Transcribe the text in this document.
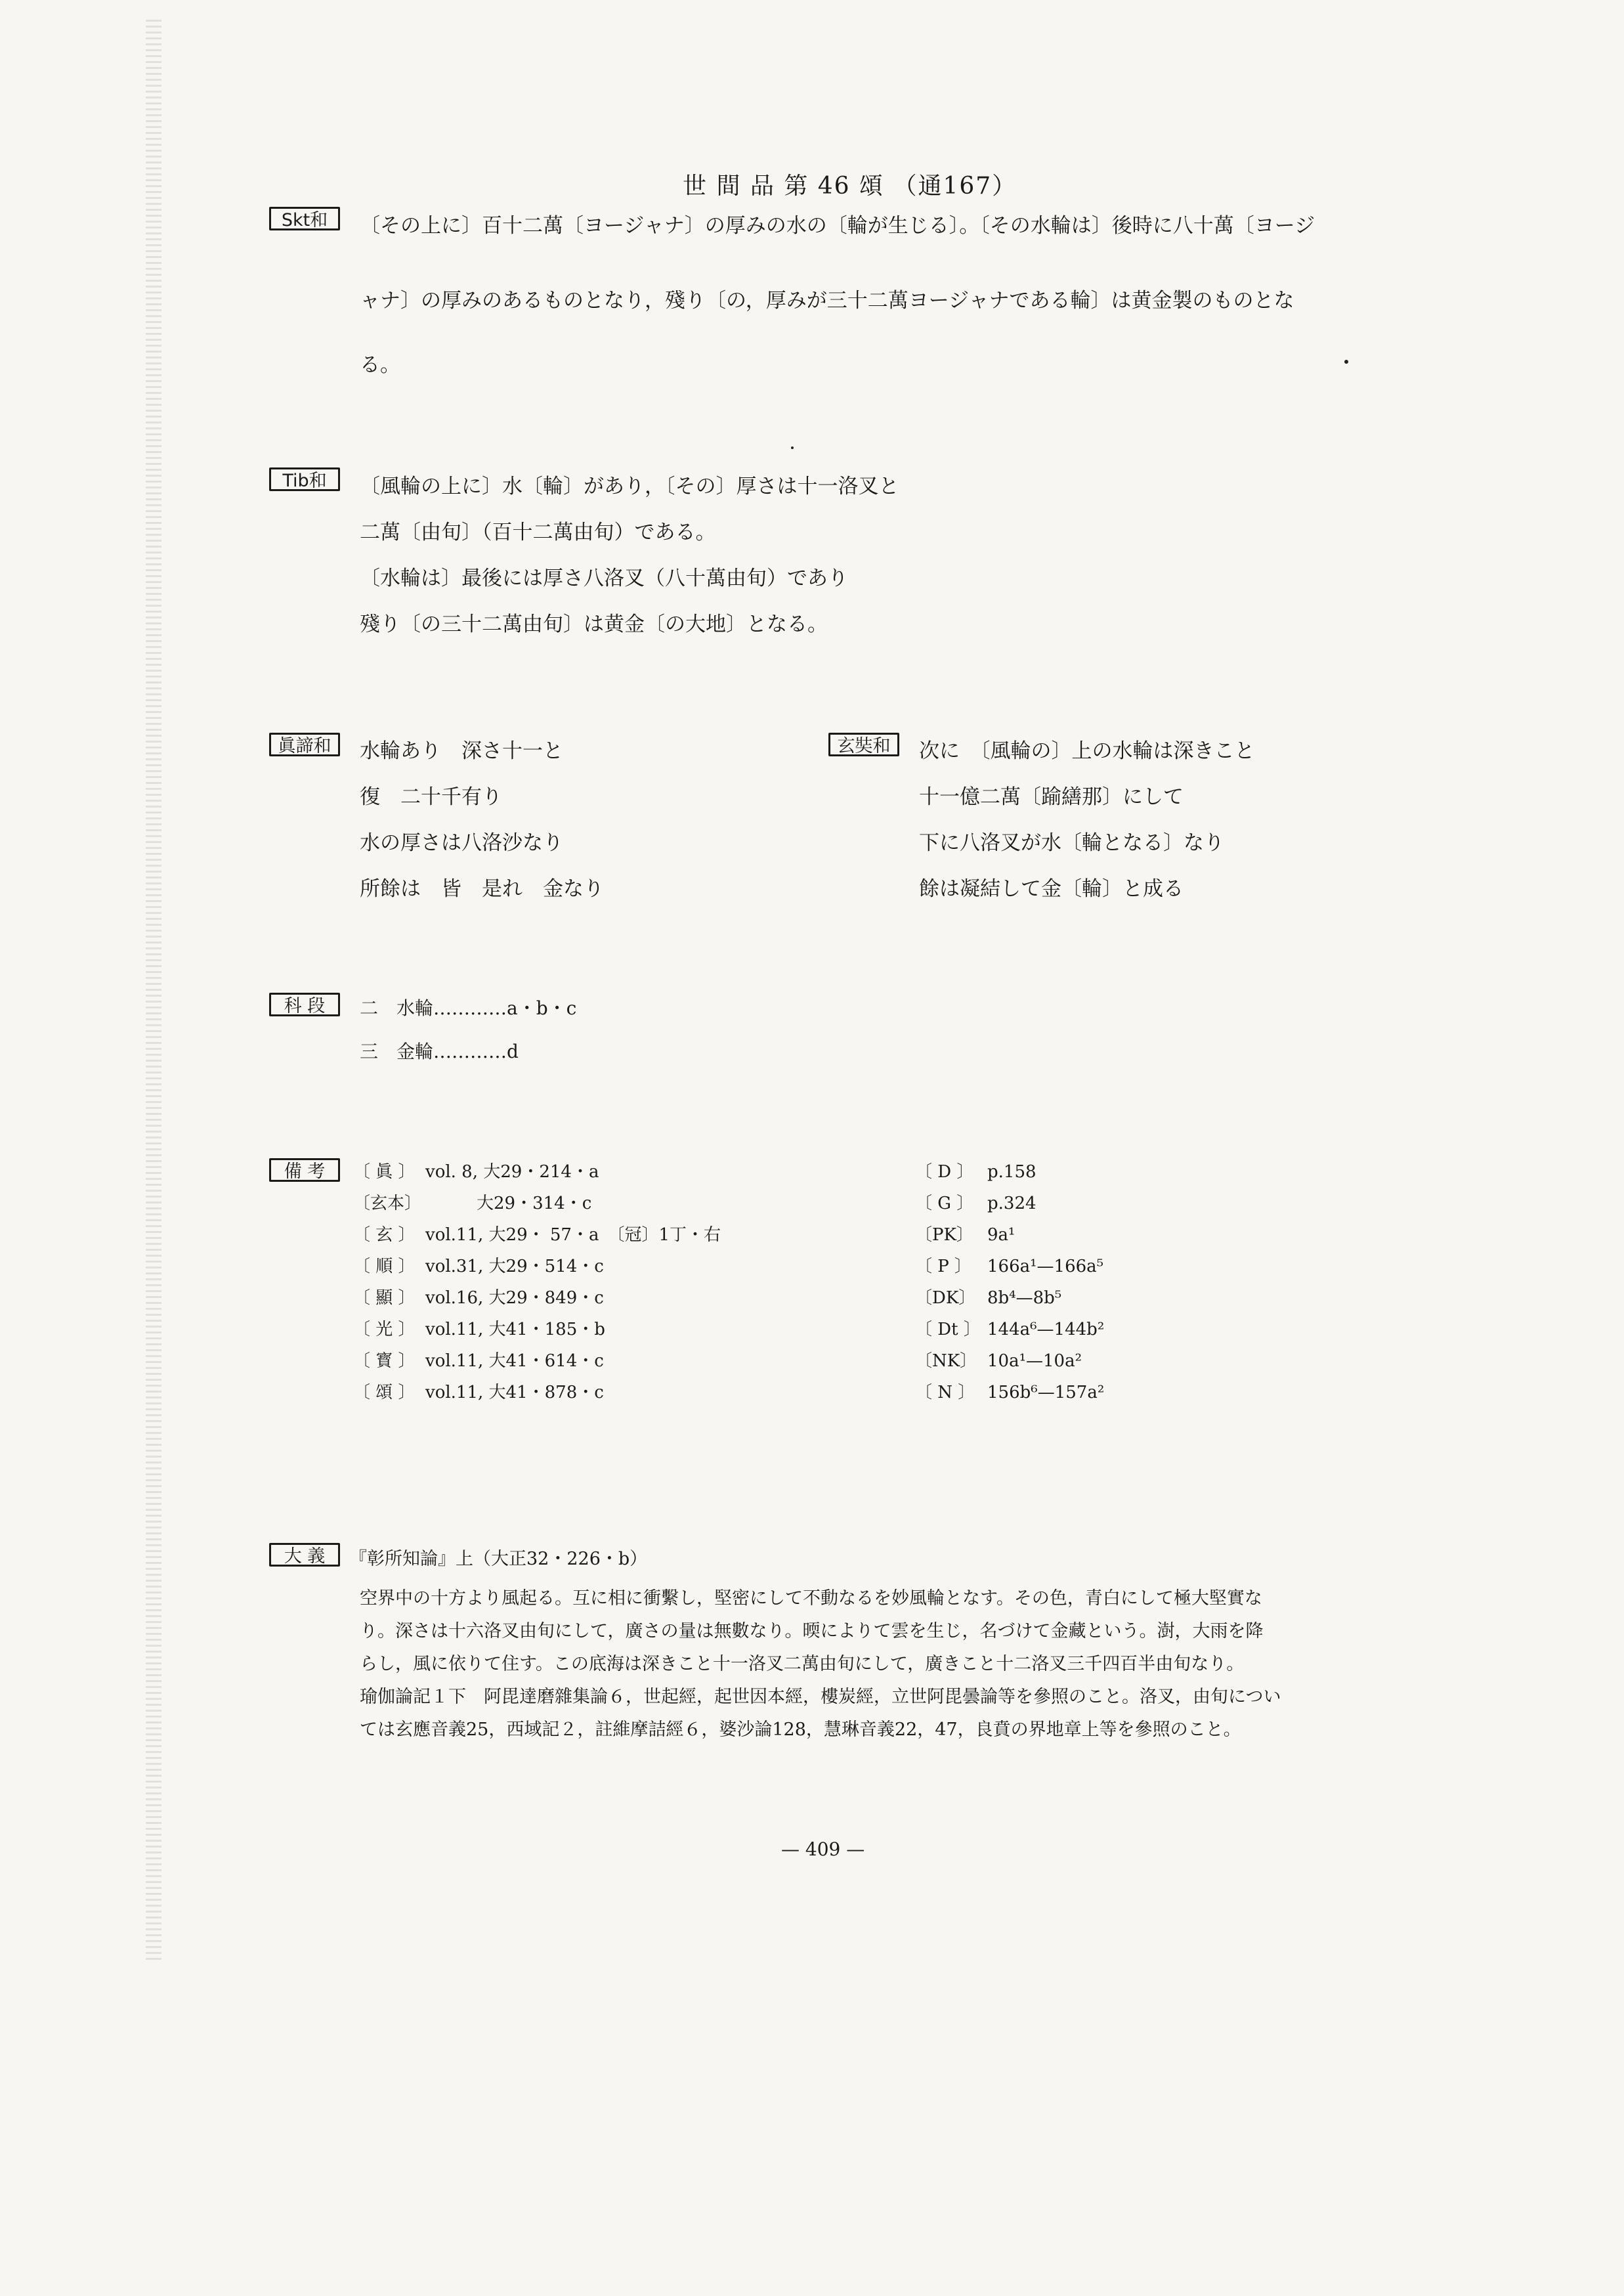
世 間 品 第 46 頌 （通167）
Skt和	〔その上に〕百十二萬〔ヨージャナ〕の厚みの水の〔輪が生じる〕。〔その水輪は〕後時に八十萬〔ヨージ
ャナ〕の厚みのあるものとなり，殘り〔の，厚みが三十二萬ヨージャナである輪〕は黄金製のものとな
る。
Tib和	〔風輪の上に〕水〔輪〕があり，〔その〕厚さは十一洛叉と
二萬〔由旬〕（百十二萬由旬）である。
〔水輪は〕最後には厚さ八洛叉（八十萬由旬）であり
殘り〔の三十二萬由旬〕は黄金〔の大地〕となる。
眞諦和	水輪あり　深さ十一と
復　二十千有り
水の厚さは八洛沙なり
所餘は　皆　是れ　金なり
玄奘和	次に　〔風輪の〕上の水輪は深きこと
十一億二萬〔踰繕那〕にして
下に八洛叉が水〔輪となる〕なり
餘は凝結して金〔輪〕と成る
科 段	二　水輪…………a・b・c
三　金輪…………d
備 考	〔 眞 〕 vol. 8, 大29・214・a
〔玄本〕　　　大29・314・c
〔 玄 〕 vol.11, 大29・ 57・a　〔冠〕1丁・右
〔 順 〕 vol.31, 大29・514・c
〔 顯 〕 vol.16, 大29・849・c
〔 光 〕 vol.11, 大41・185・b
〔 寳 〕 vol.11, 大41・614・c
〔 頌 〕 vol.11, 大41・878・c
〔 D 〕 p.158
〔 G 〕 p.324
〔PK〕 9a¹
〔 P 〕 166a¹—166a⁵
〔DK〕 8b⁴—8b⁵
〔 Dt 〕 144a⁶—144b²
〔NK〕 10a¹—10a²
〔 N 〕 156b⁶—157a²
大 義	『彰所知論』上（大正32・226・b）
空界中の十方より風起る。互に相に衝繫し，堅密にして不動なるを妙風輪となす。その色，青白にして極大堅實な
り。深さは十六洛叉由旬にして，廣さの量は無數なり。㬉によりて雲を生じ，名づけて金藏という。澍，大雨を降
らし，風に依りて住す。この底海は深きこと十一洛叉二萬由旬にして，廣きこと十二洛叉三千四百半由旬なり。
瑜伽論記１下　阿毘達磨雜集論６，世起經，起世因本經，樓炭經，立世阿毘曇論等を參照のこと。洛叉，由旬につい
ては玄應音義25，西域記２，註維摩詰經６，婆沙論128，慧琳音義22，47，良賁の界地章上等を參照のこと。
— 409 —
